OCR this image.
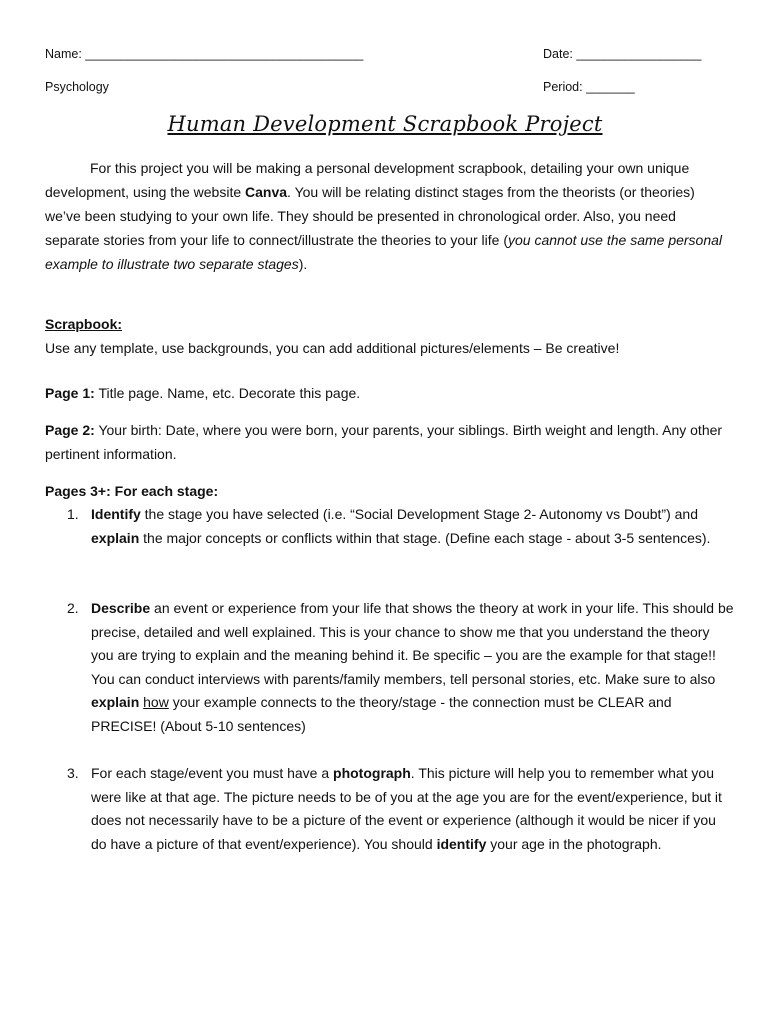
Name: ________________________________________	Date: __________________
Psychology	Period: _______
Human Development Scrapbook Project
For this project you will be making a personal development scrapbook, detailing your own unique development, using the website Canva. You will be relating distinct stages from the theorists (or theories) we’ve been studying to your own life. They should be presented in chronological order. Also, you need separate stories from your life to connect/illustrate the theories to your life (you cannot use the same personal example to illustrate two separate stages).
Scrapbook:
Use any template, use backgrounds, you can add additional pictures/elements – Be creative!
Page 1: Title page. Name, etc. Decorate this page.
Page 2: Your birth: Date, where you were born, your parents, your siblings. Birth weight and length. Any other pertinent information.
Pages 3+: For each stage:
1. Identify the stage you have selected (i.e. “Social Development Stage 2- Autonomy vs Doubt”) and explain the major concepts or conflicts within that stage. (Define each stage - about 3-5 sentences).
2. Describe an event or experience from your life that shows the theory at work in your life. This should be precise, detailed and well explained. This is your chance to show me that you understand the theory you are trying to explain and the meaning behind it. Be specific – you are the example for that stage!! You can conduct interviews with parents/family members, tell personal stories, etc. Make sure to also explain how your example connects to the theory/stage - the connection must be CLEAR and PRECISE! (About 5-10 sentences)
3. For each stage/event you must have a photograph. This picture will help you to remember what you were like at that age. The picture needs to be of you at the age you are for the event/experience, but it does not necessarily have to be a picture of the event or experience (although it would be nicer if you do have a picture of that event/experience). You should identify your age in the photograph.
